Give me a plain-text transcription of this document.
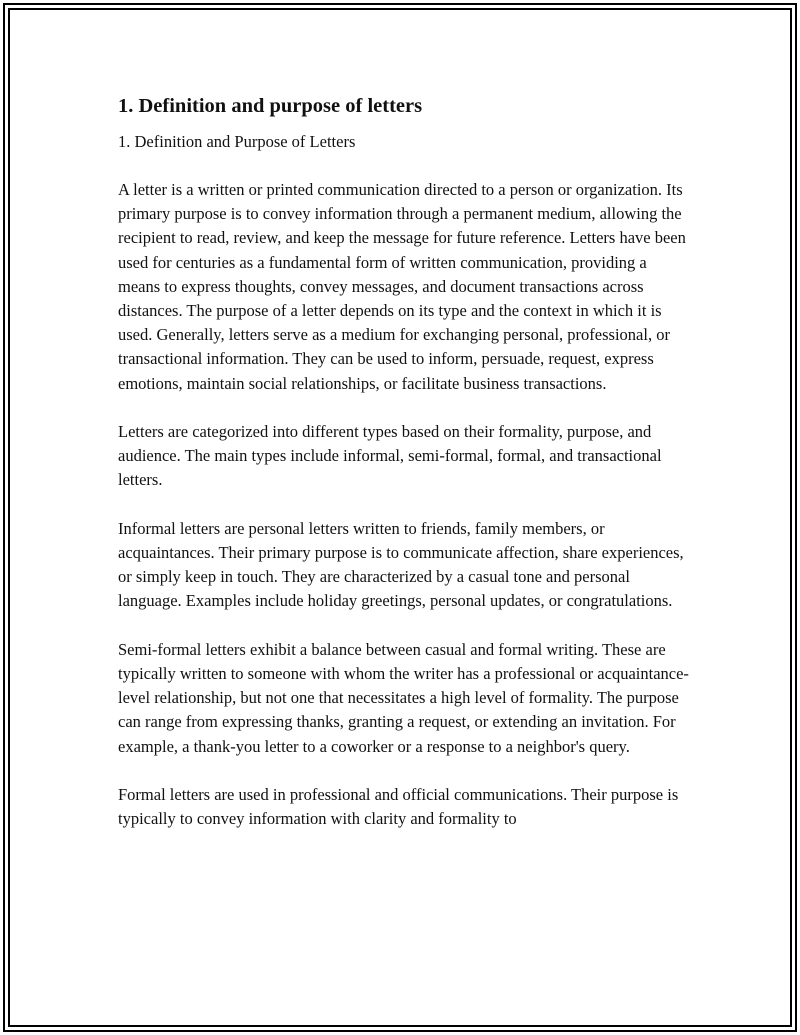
1. Definition and purpose of letters
1. Definition and Purpose of Letters

A letter is a written or printed communication directed to a person or organization. Its primary purpose is to convey information through a permanent medium, allowing the recipient to read, review, and keep the message for future reference. Letters have been used for centuries as a fundamental form of written communication, providing a means to express thoughts, convey messages, and document transactions across distances. The purpose of a letter depends on its type and the context in which it is used. Generally, letters serve as a medium for exchanging personal, professional, or transactional information. They can be used to inform, persuade, request, express emotions, maintain social relationships, or facilitate business transactions.

Letters are categorized into different types based on their formality, purpose, and audience. The main types include informal, semi-formal, formal, and transactional letters.

Informal letters are personal letters written to friends, family members, or acquaintances. Their primary purpose is to communicate affection, share experiences, or simply keep in touch. They are characterized by a casual tone and personal language. Examples include holiday greetings, personal updates, or congratulations.

Semi-formal letters exhibit a balance between casual and formal writing. These are typically written to someone with whom the writer has a professional or acquaintance-level relationship, but not one that necessitates a high level of formality. The purpose can range from expressing thanks, granting a request, or extending an invitation. For example, a thank-you letter to a coworker or a response to a neighbor's query.

Formal letters are used in professional and official communications. Their purpose is typically to convey information with clarity and formality to
